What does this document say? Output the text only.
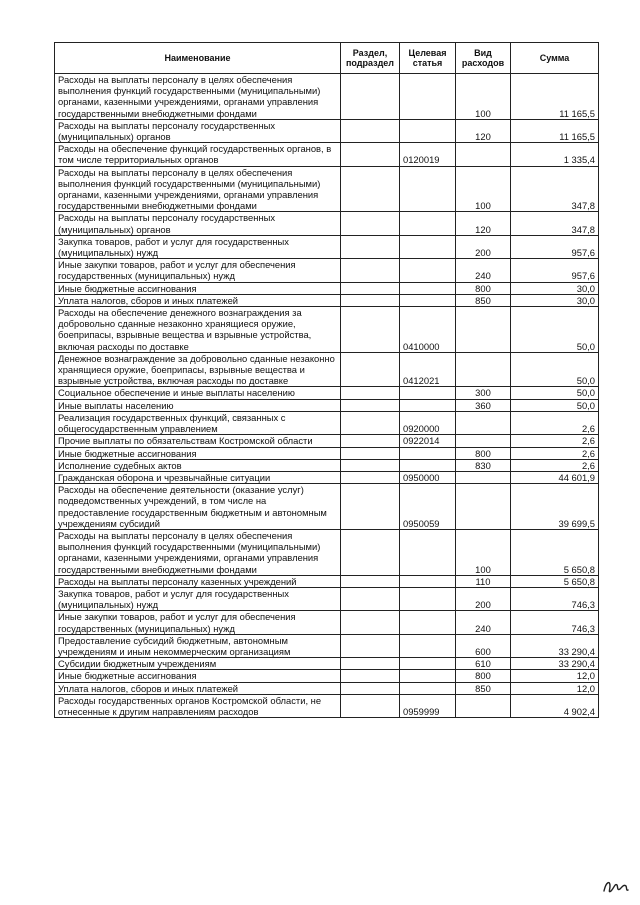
Наименование	Раздел, подраздел	Целевая статья	Вид расходов	Сумма
Расходы на выплаты персоналу в целях обеспечения выполнения функций государственными (муниципальными) органами, казенными учреждениями, органами управления государственными внебюджетными фондами			100	11 165,5
Расходы на выплаты персоналу государственных (муниципальных) органов			120	11 165,5
Расходы на обеспечение функций государственных органов, в том числе территориальных органов		0120019		1 335,4
Расходы на выплаты персоналу в целях обеспечения выполнения функций государственными (муниципальными) органами, казенными учреждениями, органами управления государственными внебюджетными фондами			100	347,8
Расходы на выплаты персоналу государственных (муниципальных) органов			120	347,8
Закупка товаров, работ и услуг для государственных (муниципальных) нужд			200	957,6
Иные закупки товаров, работ и услуг для обеспечения государственных (муниципальных) нужд			240	957,6
Иные бюджетные ассигнования			800	30,0
Уплата налогов, сборов и иных платежей			850	30,0
Расходы на обеспечение денежного вознаграждения за добровольно сданные незаконно хранящиеся оружие, боеприпасы, взрывные вещества и взрывные устройства, включая расходы по доставке		0410000		50,0
Денежное вознаграждение за добровольно сданные незаконно хранящиеся оружие, боеприпасы, взрывные вещества и взрывные устройства, включая расходы по доставке		0412021		50,0
Социальное обеспечение и иные выплаты населению			300	50,0
Иные выплаты населению			360	50,0
Реализация государственных функций, связанных с общегосударственным управлением		0920000		2,6
Прочие выплаты по обязательствам Костромской области		0922014		2,6
Иные бюджетные ассигнования			800	2,6
Исполнение судебных актов			830	2,6
Гражданская оборона и чрезвычайные ситуации		0950000		44 601,9
Расходы на обеспечение деятельности (оказание услуг) подведомственных учреждений, в том числе на предоставление государственным бюджетным и автономным учреждениям субсидий		0950059		39 699,5
Расходы на выплаты персоналу в целях обеспечения выполнения функций государственными (муниципальными) органами, казенными учреждениями, органами управления государственными внебюджетными фондами			100	5 650,8
Расходы на выплаты персоналу казенных учреждений			110	5 650,8
Закупка товаров, работ и услуг для государственных (муниципальных) нужд			200	746,3
Иные закупки товаров, работ и услуг для обеспечения государственных (муниципальных) нужд			240	746,3
Предоставление субсидий бюджетным, автономным учреждениям и иным некоммерческим организациям			600	33 290,4
Субсидии бюджетным учреждениям			610	33 290,4
Иные бюджетные ассигнования			800	12,0
Уплата налогов, сборов и иных платежей			850	12,0
Расходы государственных органов Костромской области, не отнесенные к другим направлениям расходов		0959999		4 902,4
